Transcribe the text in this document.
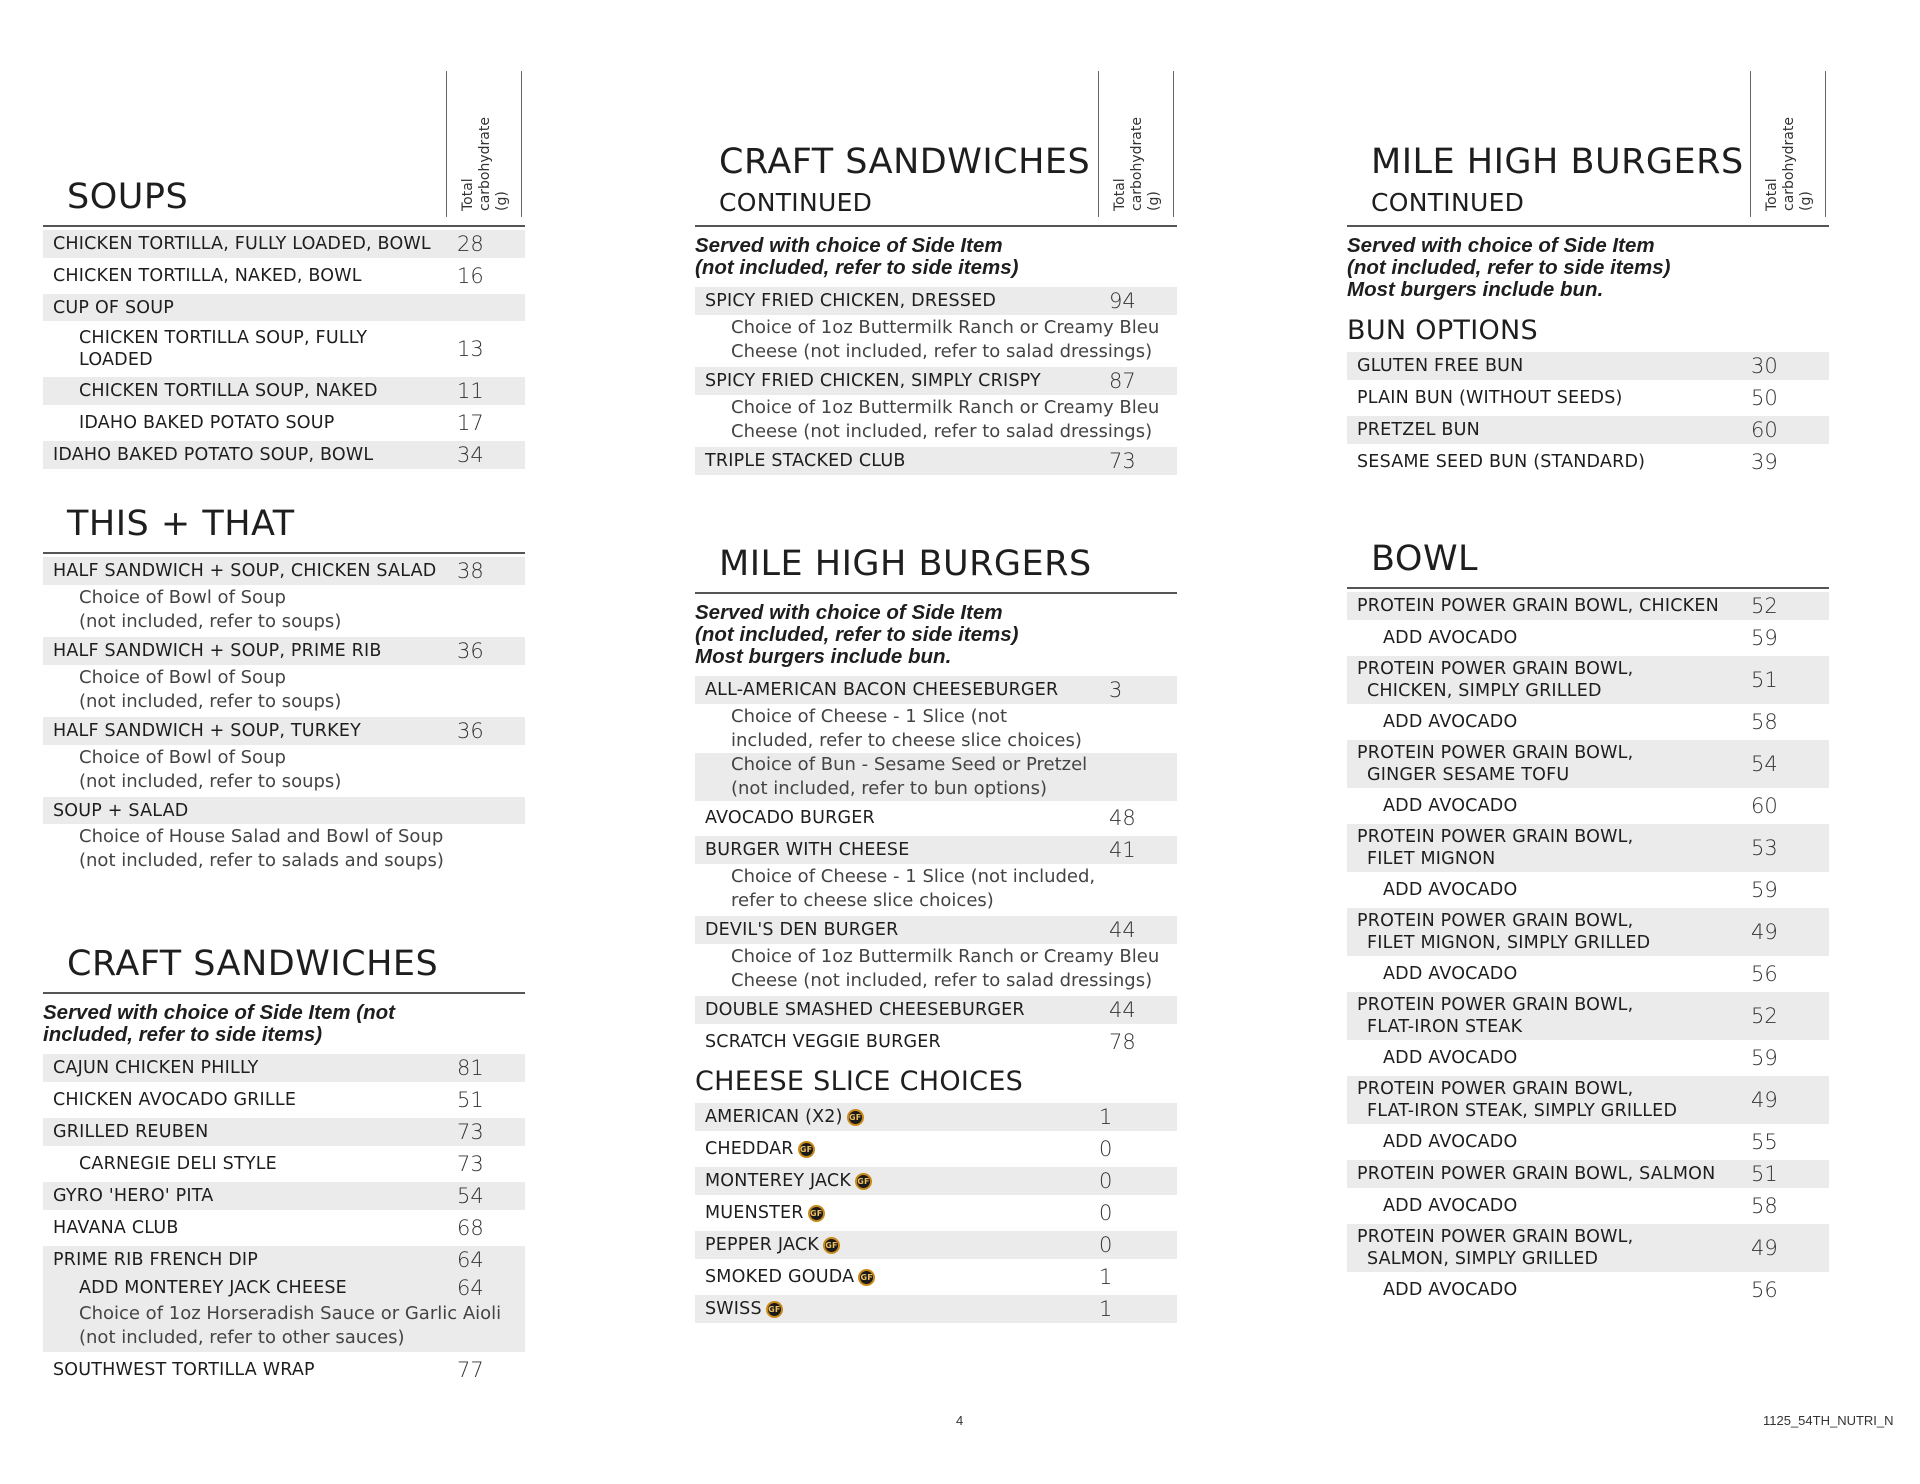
SOUPS	Total carbohydrate (g)
CHICKEN TORTILLA, FULLY LOADED, BOWL	28
CHICKEN TORTILLA, NAKED, BOWL	16
CUP OF SOUP
CHICKEN TORTILLA SOUP, FULLY LOADED	13
CHICKEN TORTILLA SOUP, NAKED	11
IDAHO BAKED POTATO SOUP	17
IDAHO BAKED POTATO SOUP, BOWL	34
THIS + THAT
HALF SANDWICH + SOUP, CHICKEN SALAD 38
Choice of Bowl of Soup
(not included, refer to soups)
HALF SANDWICH + SOUP, PRIME RIB	36
Choice of Bowl of Soup
(not included, refer to soups)
HALF SANDWICH + SOUP, TURKEY	36
Choice of Bowl of Soup
(not included, refer to soups)
SOUP + SALAD
Choice of House Salad and Bowl of Soup
(not included, refer to salads and soups)
CRAFT SANDWICHES
Served with choice of Side Item (not
included, refer to side items)
CAJUN CHICKEN PHILLY	81
CHICKEN AVOCADO GRILLE	51
GRILLED REUBEN	73
CARNEGIE DELI STYLE	73
GYRO 'HERO' PITA	54
HAVANA CLUB	68
PRIME RIB FRENCH DIP	64
ADD MONTEREY JACK CHEESE	64
Choice of 1oz Horseradish Sauce or Garlic Aioli
(not included, refer to other sauces)
SOUTHWEST TORTILLA WRAP	77
CRAFT SANDWICHES
CONTINUED	Total carbohydrate (g)
Served with choice of Side Item
(not included, refer to side items)
SPICY FRIED CHICKEN, DRESSED	94
Choice of 1oz Buttermilk Ranch or Creamy Bleu
Cheese (not included, refer to salad dressings)
SPICY FRIED CHICKEN, SIMPLY CRISPY	87
Choice of 1oz Buttermilk Ranch or Creamy Bleu
Cheese (not included, refer to salad dressings)
TRIPLE STACKED CLUB	73
MILE HIGH BURGERS
Served with choice of Side Item
(not included, refer to side items)
Most burgers include bun.
ALL-AMERICAN BACON CHEESEBURGER	3
Choice of Cheese - 1 Slice (not
included, refer to cheese slice choices)
Choice of Bun - Sesame Seed or Pretzel
(not included, refer to bun options)
AVOCADO BURGER	48
BURGER WITH CHEESE	41
Choice of Cheese - 1 Slice (not included,
refer to cheese slice choices)
DEVIL'S DEN BURGER	44
Choice of 1oz Buttermilk Ranch or Creamy Bleu
Cheese (not included, refer to salad dressings)
DOUBLE SMASHED CHEESEBURGER	44
SCRATCH VEGGIE BURGER	78
CHEESE SLICE CHOICES
AMERICAN (X2) GF	1
CHEDDAR GF	0
MONTEREY JACK GF	0
MUENSTER GF	0
PEPPER JACK GF	0
SMOKED GOUDA GF	1
SWISS GF	1
MILE HIGH BURGERS
CONTINUED	Total carbohydrate (g)
Served with choice of Side Item
(not included, refer to side items)
Most burgers include bun.
BUN OPTIONS
GLUTEN FREE BUN	30
PLAIN BUN (WITHOUT SEEDS)	50
PRETZEL BUN	60
SESAME SEED BUN (STANDARD)	39
BOWL
PROTEIN POWER GRAIN BOWL, CHICKEN	52
ADD AVOCADO	59
PROTEIN POWER GRAIN BOWL,
CHICKEN, SIMPLY GRILLED	51
ADD AVOCADO	58
PROTEIN POWER GRAIN BOWL,
GINGER SESAME TOFU	54
ADD AVOCADO	60
PROTEIN POWER GRAIN BOWL,
FILET MIGNON	53
ADD AVOCADO	59
PROTEIN POWER GRAIN BOWL,
FILET MIGNON, SIMPLY GRILLED	49
ADD AVOCADO	56
PROTEIN POWER GRAIN BOWL,
FLAT-IRON STEAK	52
ADD AVOCADO	59
PROTEIN POWER GRAIN BOWL,
FLAT-IRON STEAK, SIMPLY GRILLED	49
ADD AVOCADO	55
PROTEIN POWER GRAIN BOWL, SALMON	51
ADD AVOCADO	58
PROTEIN POWER GRAIN BOWL,
SALMON, SIMPLY GRILLED	49
ADD AVOCADO	56
4	1125_54TH_NUTRI_N
